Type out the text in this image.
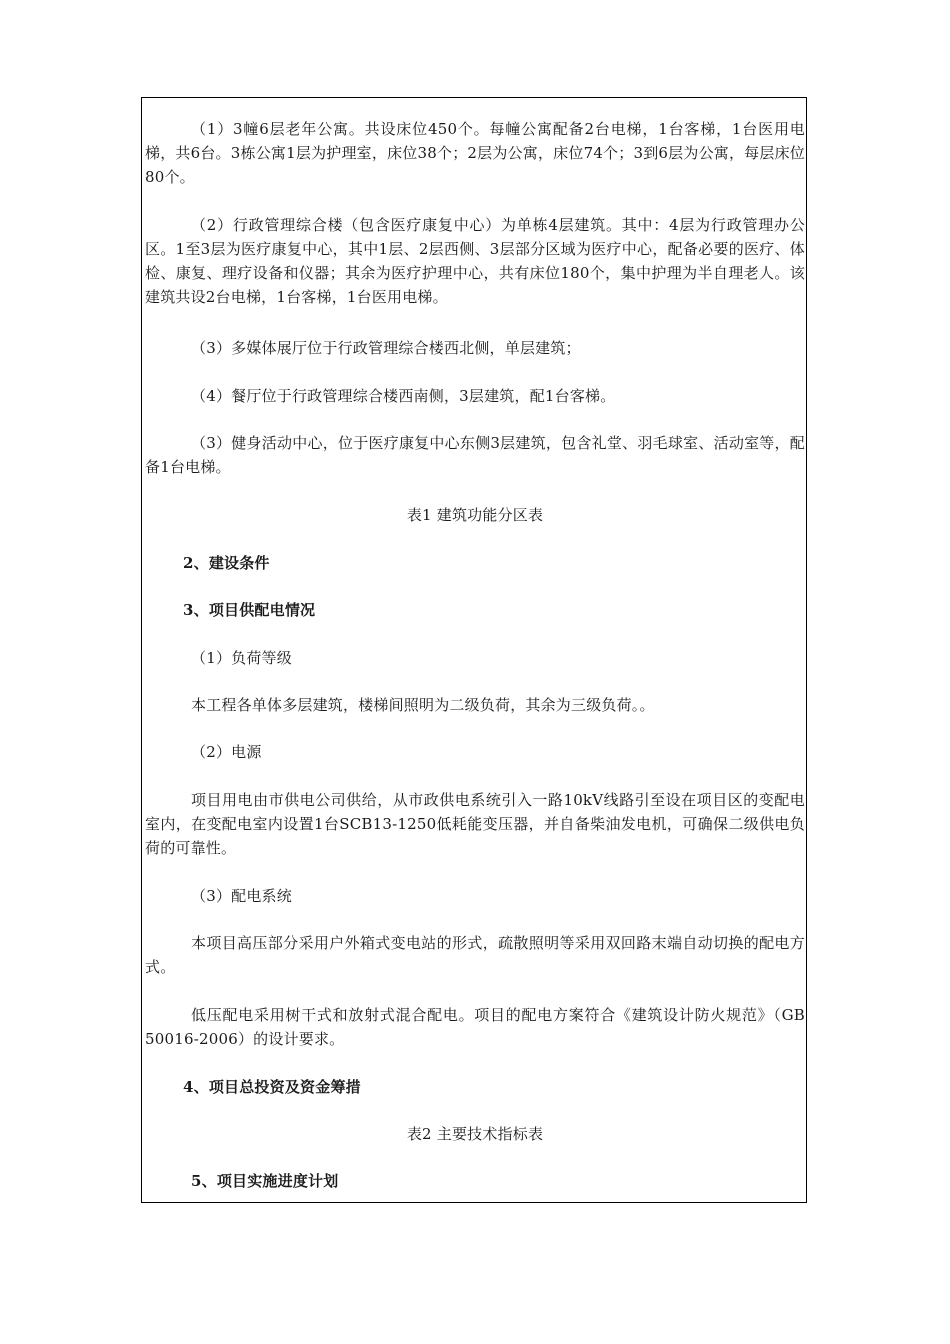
（1）3幢6层老年公寓。共设床位450个。每幢公寓配备2台电梯，1台客梯，1台医用电梯，共6台。3栋公寓1层为护理室，床位38个；2层为公寓，床位74个；3到6层为公寓，每层床位80个。

（2）行政管理综合楼（包含医疗康复中心）为单栋4层建筑。其中：4层为行政管理办公区。1至3层为医疗康复中心，其中1层、2层西侧、3层部分区域为医疗中心，配备必要的医疗、体检、康复、理疗设备和仪器；其余为医疗护理中心，共有床位180个，集中护理为半自理老人。该建筑共设2台电梯，1台客梯，1台医用电梯。

（3）多媒体展厅位于行政管理综合楼西北侧，单层建筑；

（4）餐厅位于行政管理综合楼西南侧，3层建筑，配1台客梯。

（3）健身活动中心，位于医疗康复中心东侧3层建筑，包含礼堂、羽毛球室、活动室等，配备1台电梯。

表1 建筑功能分区表

2、建设条件

3、项目供配电情况

（1）负荷等级

本工程各单体多层建筑，楼梯间照明为二级负荷，其余为三级负荷。。

（2）电源

项目用电由市供电公司供给，从市政供电系统引入一路10kV线路引至设在项目区的变配电室内，在变配电室内设置1台SCB13-1250低耗能变压器，并自备柴油发电机，可确保二级供电负荷的可靠性。

（3）配电系统

本项目高压部分采用户外箱式变电站的形式，疏散照明等采用双回路末端自动切换的配电方式。

低压配电采用树干式和放射式混合配电。项目的配电方案符合《建筑设计防火规范》（GB 50016-2006）的设计要求。

4、项目总投资及资金筹措

表2 主要技术指标表

5、项目实施进度计划
